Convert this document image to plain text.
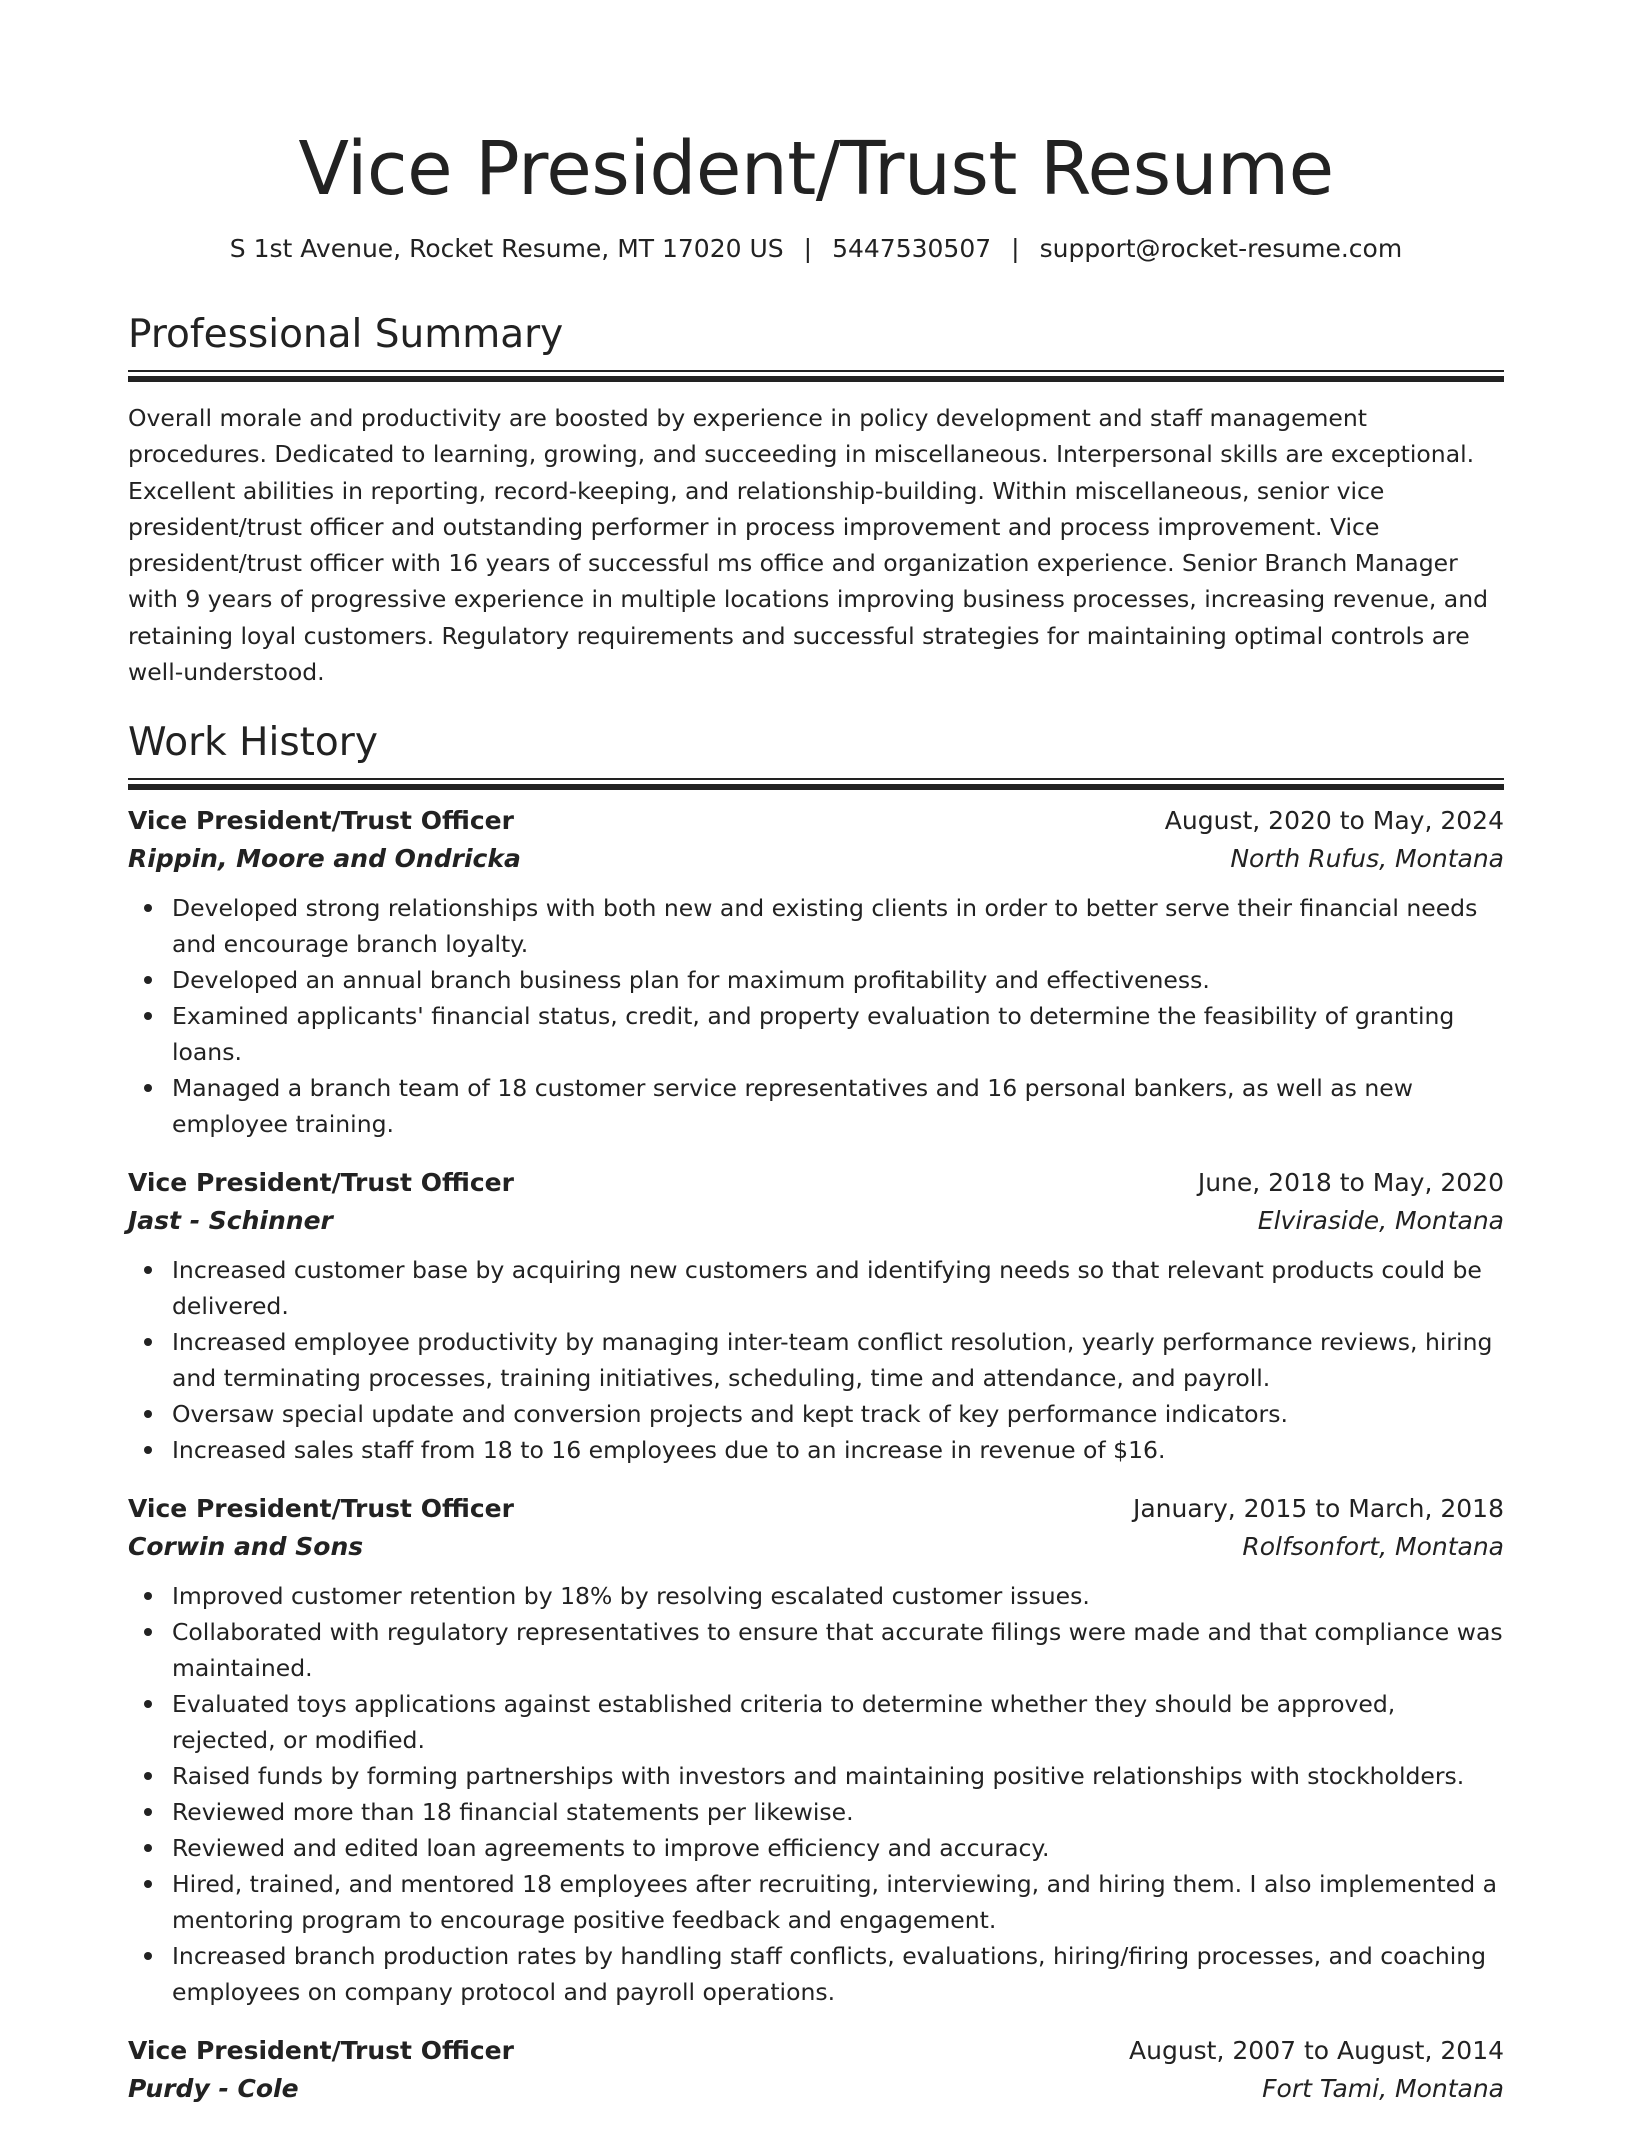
Vice President/Trust Resume
S 1st Avenue, Rocket Resume, MT 17020 US | 5447530507 | support@rocket-resume.com
Professional Summary

Overall morale and productivity are boosted by experience in policy development and staff management procedures. Dedicated to learning, growing, and succeeding in miscellaneous. Interpersonal skills are exceptional. Excellent abilities in reporting, record-keeping, and relationship-building. Within miscellaneous, senior vice president/trust officer and outstanding performer in process improvement and process improvement. Vice president/trust officer with 16 years of successful ms office and organization experience. Senior Branch Manager with 9 years of progressive experience in multiple locations improving business processes, increasing revenue, and retaining loyal customers. Regulatory requirements and successful strategies for maintaining optimal controls are well-understood.

Work History
Vice President/Trust Officer	August, 2020 to May, 2024
Rippin, Moore and Ondricka	North Rufus, Montana
Developed strong relationships with both new and existing clients in order to better serve their financial needs and encourage branch loyalty.
Developed an annual branch business plan for maximum profitability and effectiveness.
Examined applicants' financial status, credit, and property evaluation to determine the feasibility of granting loans.
Managed a branch team of 18 customer service representatives and 16 personal bankers, as well as new employee training.
Vice President/Trust Officer	June, 2018 to May, 2020
Jast - Schinner	Elviraside, Montana
Increased customer base by acquiring new customers and identifying needs so that relevant products could be delivered.
Increased employee productivity by managing inter-team conflict resolution, yearly performance reviews, hiring and terminating processes, training initiatives, scheduling, time and attendance, and payroll.
Oversaw special update and conversion projects and kept track of key performance indicators.
Increased sales staff from 18 to 16 employees due to an increase in revenue of $16.
Vice President/Trust Officer	January, 2015 to March, 2018
Corwin and Sons	Rolfsonfort, Montana
Improved customer retention by 18% by resolving escalated customer issues.
Collaborated with regulatory representatives to ensure that accurate filings were made and that compliance was maintained.
Evaluated toys applications against established criteria to determine whether they should be approved, rejected, or modified.
Raised funds by forming partnerships with investors and maintaining positive relationships with stockholders.
Reviewed more than 18 financial statements per likewise.
Reviewed and edited loan agreements to improve efficiency and accuracy.
Hired, trained, and mentored 18 employees after recruiting, interviewing, and hiring them. I also implemented a mentoring program to encourage positive feedback and engagement.
Increased branch production rates by handling staff conflicts, evaluations, hiring/firing processes, and coaching employees on company protocol and payroll operations.
Vice President/Trust Officer	August, 2007 to August, 2014
Purdy - Cole	Fort Tami, Montana
